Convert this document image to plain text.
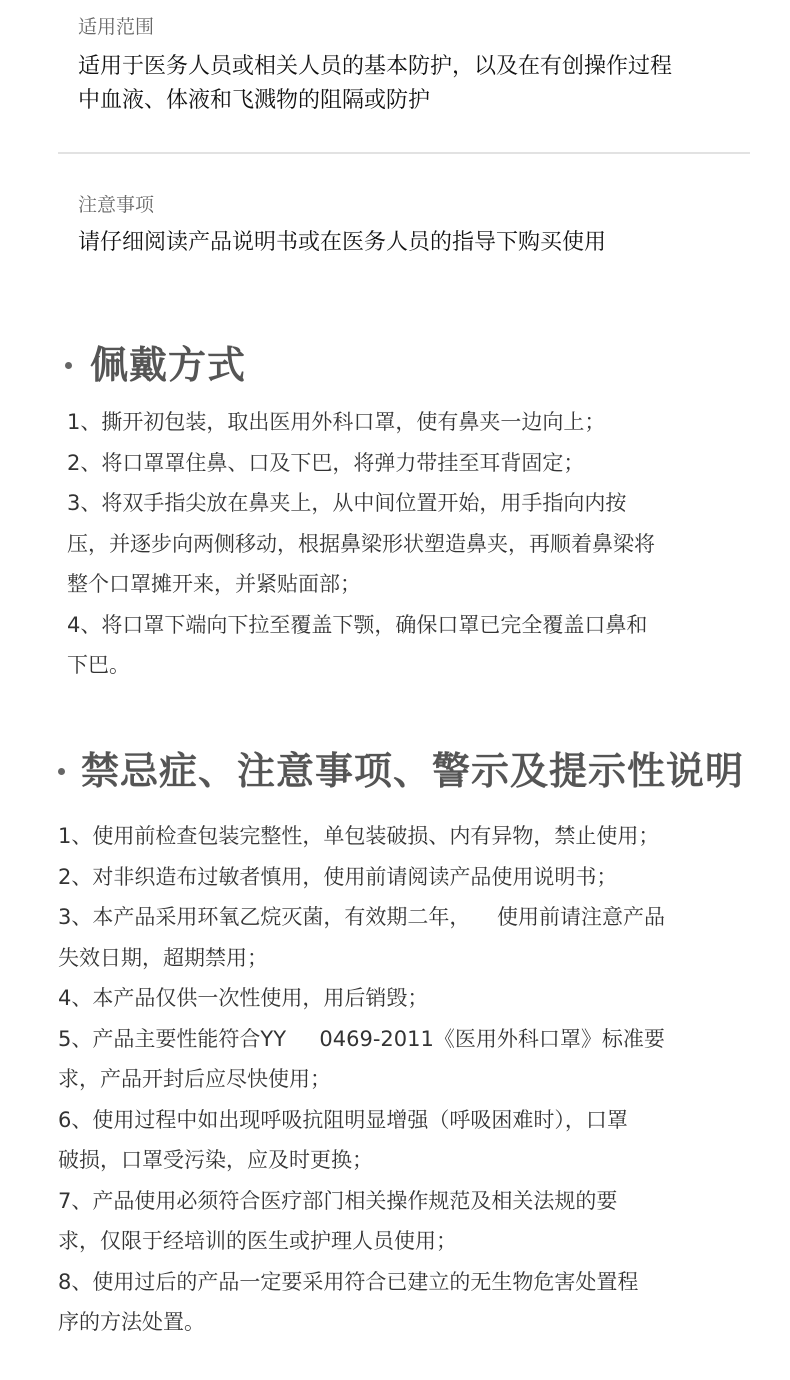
适用范围

适用于医务人员或相关人员的基本防护，以及在有创操作过程
中血液、体液和飞溅物的阻隔或防护

注意事项

请仔细阅读产品说明书或在医务人员的指导下购买使用

佩戴方式
1、撕开初包装，取出医用外科口罩，使有鼻夹一边向上；
2、将口罩罩住鼻、口及下巴，将弹力带挂至耳背固定；
3、将双手指尖放在鼻夹上，从中间位置开始，用手指向内按
压，并逐步向两侧移动，根据鼻梁形状塑造鼻夹，再顺着鼻梁将
整个口罩摊开来，并紧贴面部；
4、将口罩下端向下拉至覆盖下颚，确保口罩已完全覆盖口鼻和
下巴。
禁忌症、注意事项、警示及提示性说明
1、使用前检查包装完整性，单包装破损、内有异物，禁止使用；
2、对非织造布过敏者慎用，使用前请阅读产品使用说明书；
3、本产品采用环氧乙烷灭菌，有效期二年，    使用前请注意产品
失效日期，超期禁用；
4、本产品仅供一次性使用，用后销毁；
5、产品主要性能符合YY     0469-2011《医用外科口罩》标准要
求，产品开封后应尽快使用；
6、使用过程中如出现呼吸抗阻明显增强（呼吸困难时），口罩
破损，口罩受污染，应及时更换；
7、产品使用必须符合医疗部门相关操作规范及相关法规的要
求，仅限于经培训的医生或护理人员使用；
8、使用过后的产品一定要采用符合已建立的无生物危害处置程
序的方法处置。
